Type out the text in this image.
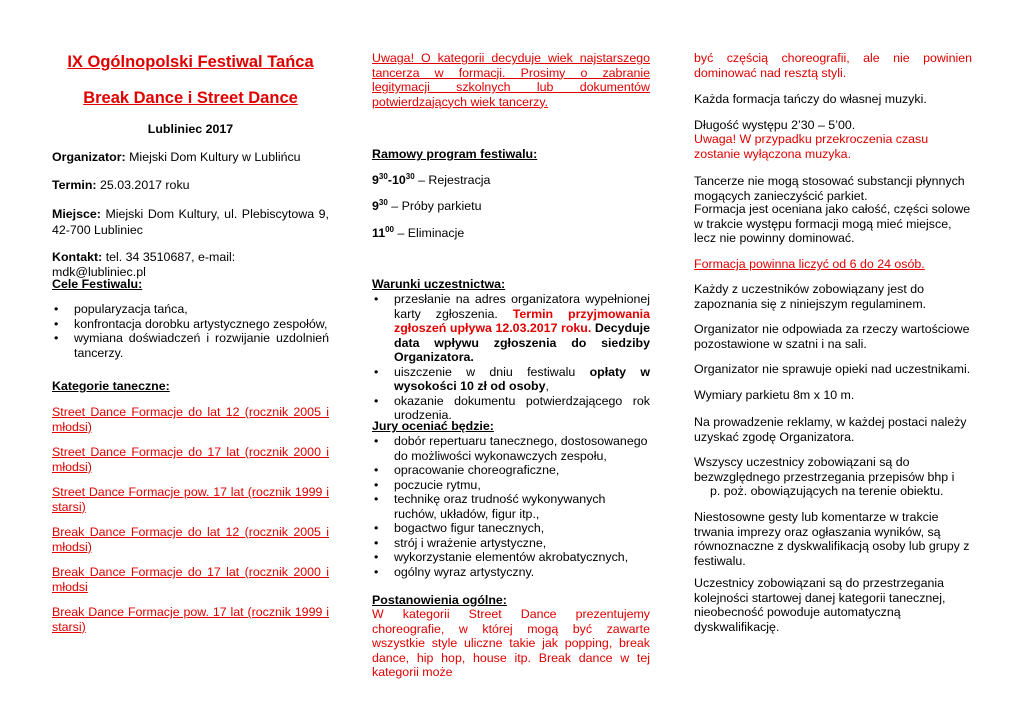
IX Ogólnopolski Festiwal Tańca
Break Dance i Street Dance
Lubliniec 2017

Organizator: Miejski Dom Kultury w Lublińcu

Termin: 25.03.2017 roku

Miejsce: Miejski Dom Kultury, ul. Plebiscytowa 9, 42-700 Lubliniec

Kontakt: tel. 34 3510687, e-mail: mdk@lubliniec.pl

Cele Festiwalu:

• popularyzacja tańca,
• konfrontacja dorobku artystycznego zespołów,
• wymiana doświadczeń i rozwijanie uzdolnień tancerzy.

Kategorie taneczne:

Street Dance Formacje do lat 12 (rocznik 2005 i młodsi)

Street Dance Formacje do 17 lat (rocznik 2000 i młodsi)

Street Dance Formacje pow. 17 lat (rocznik 1999 i starsi)

Break Dance Formacje do lat 12 (rocznik 2005 i młodsi)

Break Dance Formacje do 17 lat (rocznik 2000 i młodsi

Break Dance Formacje pow. 17 lat (rocznik 1999 i starsi)

Uwaga! O kategorii decyduje wiek najstarszego tancerza w formacji. Prosimy o zabranie legitymacji szkolnych lub dokumentów potwierdzających wiek tancerzy.

Ramowy program festiwalu:

$9^{30}-10^{30}$ – Rejestracja

$9^{30}$ – Próby parkietu

$11^{00}$ – Eliminacje

Warunki uczestnictwa:

• przesłanie na adres organizatora wypełnionej karty zgłoszenia. Termin przyjmowania zgłoszeń upływa 12.03.2017 roku. Decyduje data wpływu zgłoszenia do siedziby Organizatora.
• uiszczenie w dniu festiwalu opłaty w wysokości 10 zł od osoby,
• okazanie dokumentu potwierdzającego rok urodzenia.

Jury oceniać będzie:

• dobór repertuaru tanecznego, dostosowanego do możliwości wykonawczych zespołu,
• opracowanie choreograficzne,
• poczucie rytmu,
• technikę oraz trudność wykonywanych ruchów, układów, figur itp.,
• bogactwo figur tanecznych,
• strój i wrażenie artystyczne,
• wykorzystanie elementów akrobatycznych,
• ogólny wyraz artystyczny.

Postanowienia ogólne:

W kategorii Street Dance prezentujemy choreografie, w której mogą być zawarte wszystkie style uliczne takie jak popping, break dance, hip hop, house itp. Break dance w tej kategorii może

być częścią choreografii, ale nie powinien dominować nad resztą styli.

Każda formacja tańczy do własnej muzyki.

Długość występu 2’30 – 5’00.

Uwaga! W przypadku przekroczenia czasu zostanie wyłączona muzyka.

Tancerze nie mogą stosować substancji płynnych mogących zanieczyścić parkiet.

Formacja jest oceniana jako całość, części solowe w trakcie występu formacji mogą mieć miejsce, lecz nie powinny dominować.

Formacja powinna liczyć od 6 do 24 osób.

Każdy z uczestników zobowiązany jest do zapoznania się z niniejszym regulaminem.

Organizator nie odpowiada za rzeczy wartościowe pozostawione w szatni i na sali.

Organizator nie sprawuje opieki nad uczestnikami.

Wymiary parkietu 8m x 10 m.

Na prowadzenie reklamy, w każdej postaci należy uzyskać zgodę Organizatora.

Wszyscy uczestnicy zobowiązani są do bezwzględnego przestrzegania przepisów bhp i
p. poż. obowiązujących na terenie obiektu.

Niestosowne gesty lub komentarze w trakcie trwania imprezy oraz ogłaszania wyników, są równoznaczne z dyskwalifikacją osoby lub grupy z festiwalu.

Uczestnicy zobowiązani są do przestrzegania kolejności startowej danej kategorii tanecznej, nieobecność powoduje automatyczną dyskwalifikację.
